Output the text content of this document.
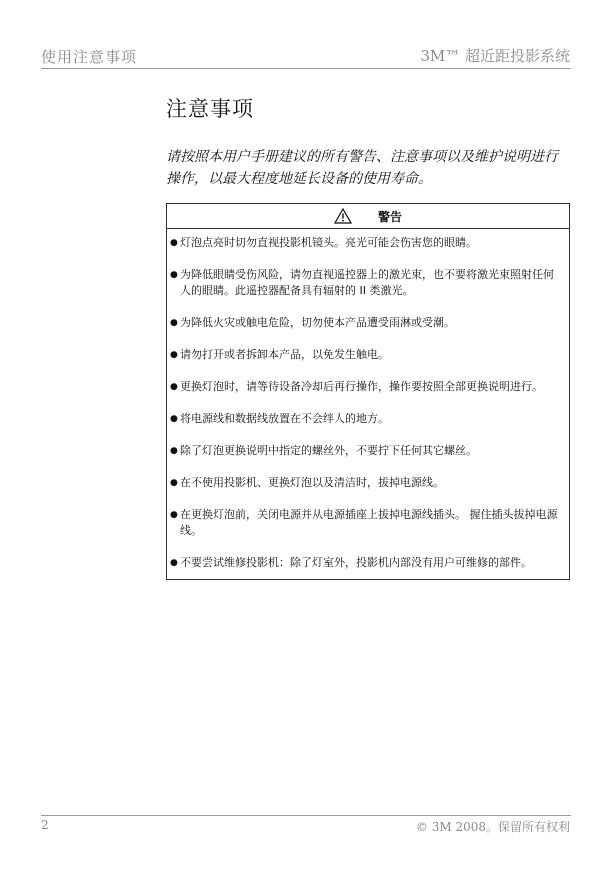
使用注意事项	3M™ 超近距投影系统
注意事项
请按照本用户手册建议的所有警告、注意事项以及维护说明进行操作，以最大程度地延长设备的使用寿命。
警告
● 灯泡点亮时切勿直视投影机镜头。亮光可能会伤害您的眼睛。
● 为降低眼睛受伤风险，请勿直视遥控器上的激光束，也不要将激光束照射任何人的眼睛。此遥控器配备具有辐射的 II 类激光。
● 为降低火灾或触电危险，切勿使本产品遭受雨淋或受潮。
● 请勿打开或者拆卸本产品，以免发生触电。
● 更换灯泡时，请等待设备冷却后再行操作，操作要按照全部更换说明进行。
● 将电源线和数据线放置在不会绊人的地方。
● 除了灯泡更换说明中指定的螺丝外，不要拧下任何其它螺丝。
● 在不使用投影机、更换灯泡以及清洁时，拔掉电源线。
● 在更换灯泡前，关闭电源并从电源插座上拔掉电源线插头。 握住插头拔掉电源线。
● 不要尝试维修投影机：除了灯室外，投影机内部没有用户可维修的部件。
2	© 3M 2008。保留所有权利
